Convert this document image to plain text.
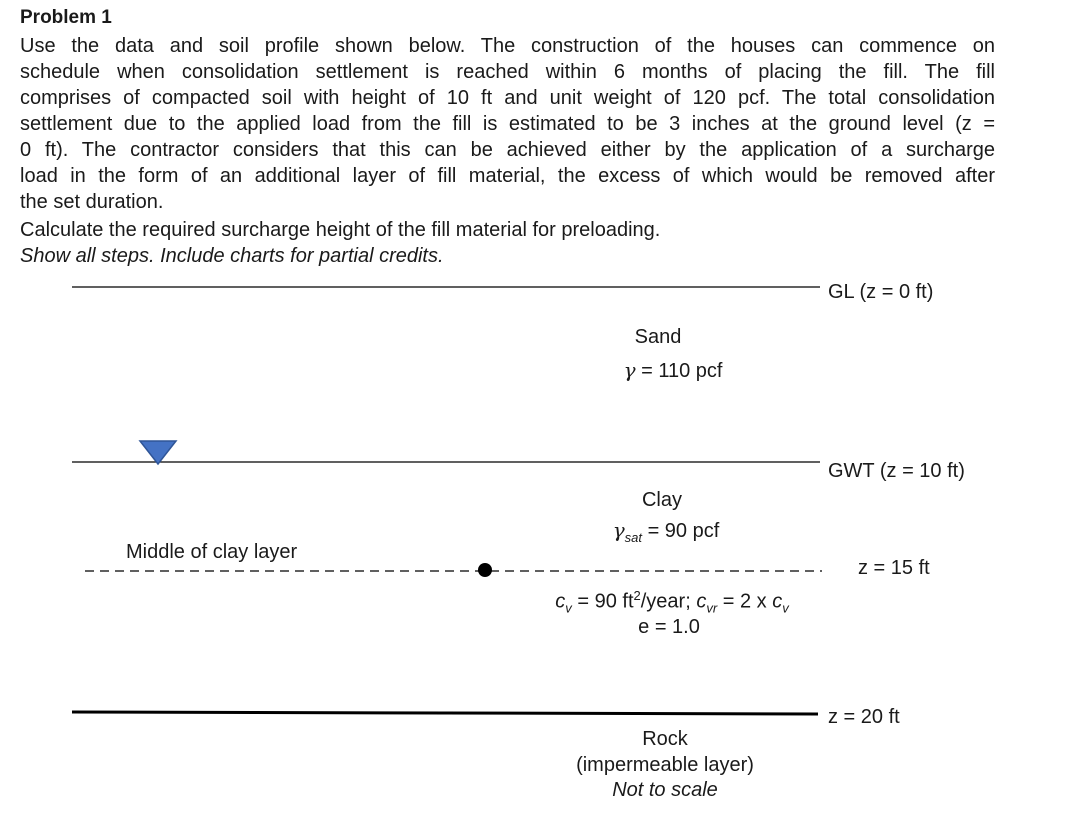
Problem 1
Use the data and soil profile shown below. The construction of the houses can commence on
schedule when consolidation settlement is reached within 6 months of placing the fill. The fill
comprises of compacted soil with height of 10 ft and unit weight of 120 pcf. The total consolidation
settlement due to the applied load from the fill is estimated to be 3 inches at the ground level (z =
0 ft). The contractor considers that this can be achieved either by the application of a surcharge
load in the form of an additional layer of fill material, the excess of which would be removed after
the set duration.
Calculate the required surcharge height of the fill material for preloading.
Show all steps. Include charts for partial credits.
GL (z = 0 ft)
Sand
γ = 110 pcf
GWT (z = 10 ft)
Clay
$\gamma_{sat} = 90$ pcf
Middle of clay layer
z = 15 ft
$c_v = 90$ $ft^2$/year; $c_{vr} = 2$ x $c_v$
e = 1.0
z = 20 ft
Rock
(impermeable layer)
Not to scale
